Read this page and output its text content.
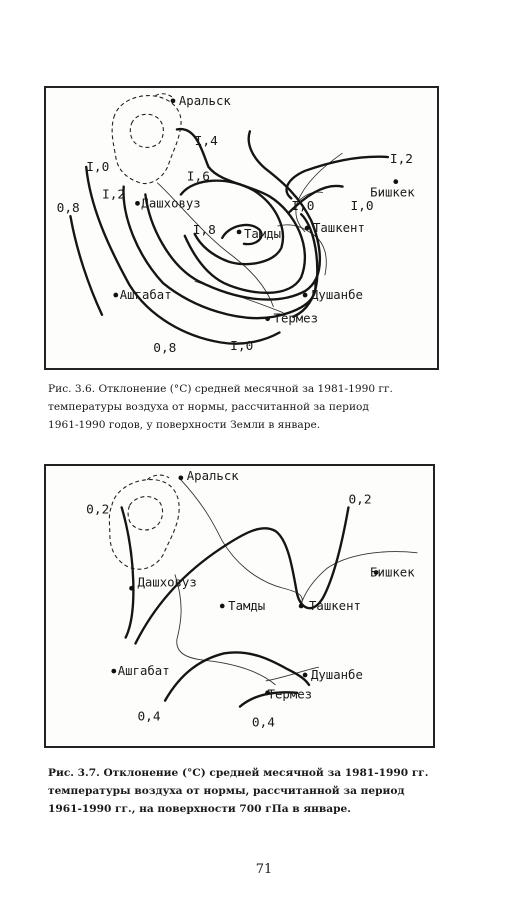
Аральск
Дашховуз
Тамды
Бишкек
Ташкент
Ашгабат	Душанбе
Термез
I,4
I,0
I,2
0,8
I,6
I,8
I,2
I,0	I,0
0,8	I,0
Рис. 3.6. Отклонение (°С) средней месячной за 1981-1990 гг.
температуры воздуха от нормы, рассчитанной за период
1961-1990 годов, у поверхности Земли в январе.
Аральск
Дашховуз
Тамды
Бишкек
Ташкент
Ашгабат	Душанбе
Термез
0,2
0,2
0,4	0,4
Рис. 3.7. Отклонение (°С) средней месячной за 1981-1990 гг.
температуры воздуха от нормы, рассчитанной за период
1961-1990 гг., на поверхности 700 гПа в январе.
71
